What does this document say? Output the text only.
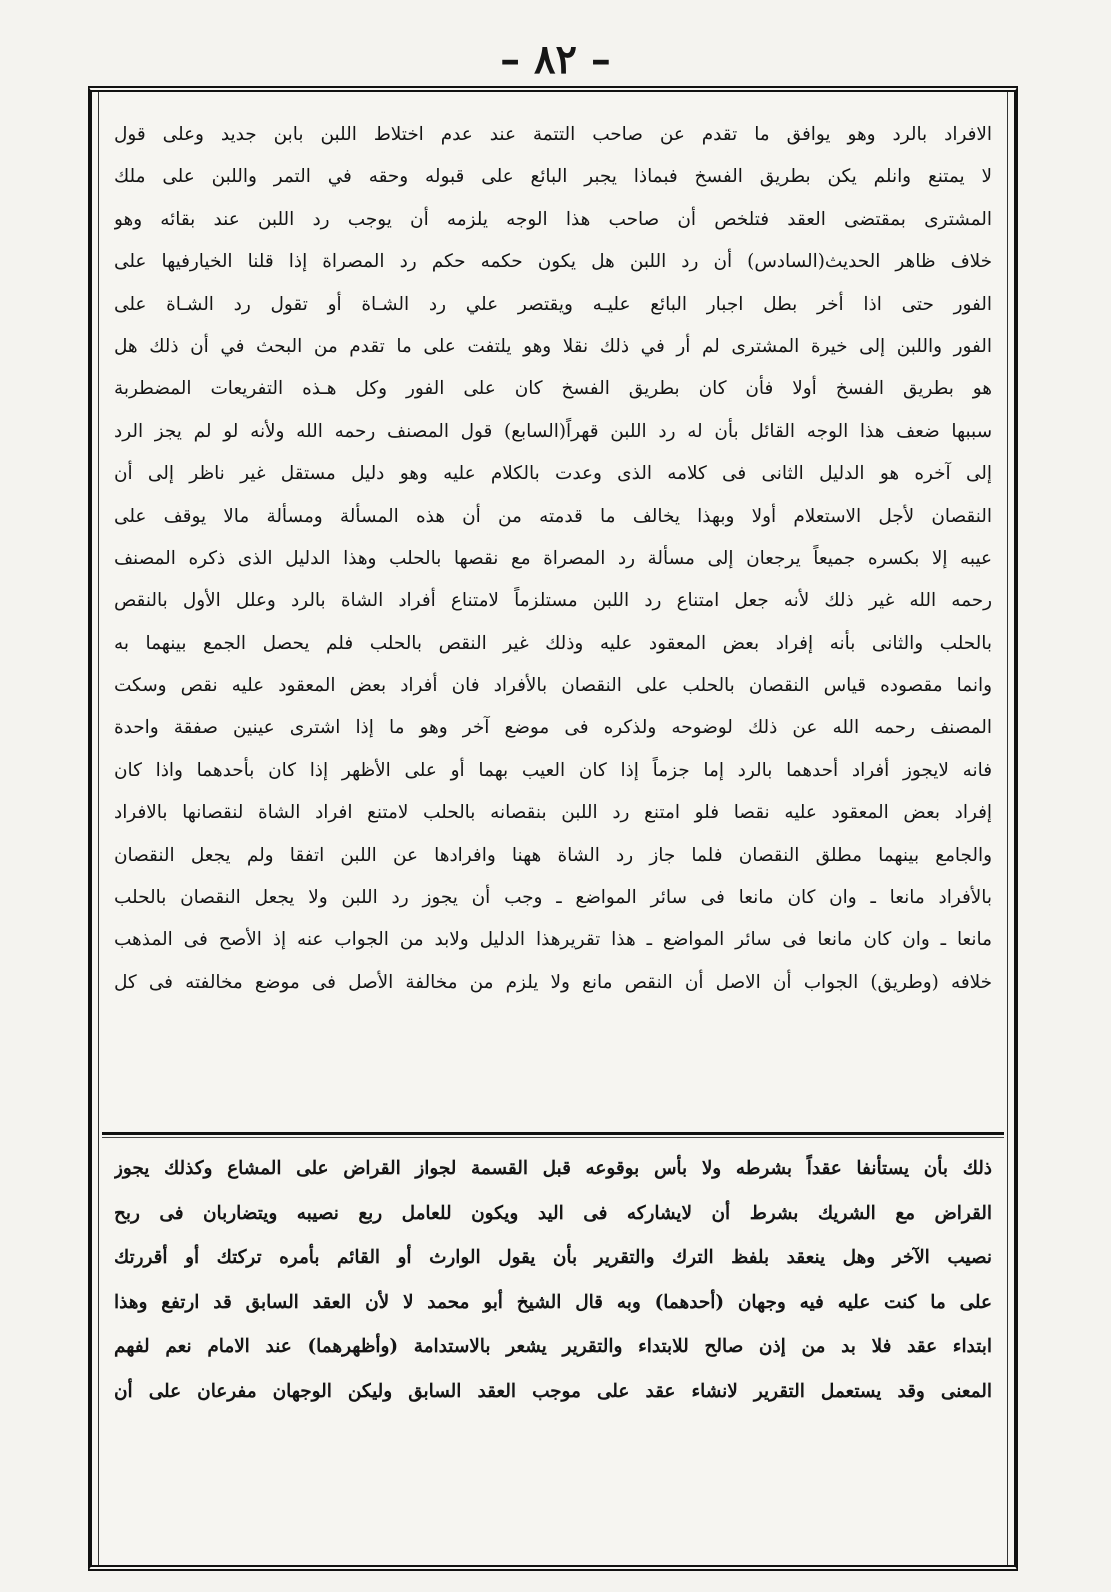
– ٨٢ –
الافراد بالرد وهو يوافق ما تقدم عن صاحب التتمة عند عدم اختلاط اللبن بابن جديد وعلى قول
لا يمتنع وانلم يكن بطريق الفسخ فبماذا يجبر البائع على قبوله وحقه في التمر واللبن على ملك
المشترى بمقتضى العقد فتلخص أن صاحب هذا الوجه يلزمه أن يوجب رد اللبن عند بقائه وهو
خلاف ظاهر الحديث(السادس) أن رد اللبن هل يكون حكمه حكم رد المصراة إذا قلنا الخيارفيها على
الفور حتى اذا أخر بطل اجبار البائع عليـه ويقتصر علي رد الشـاة أو تقول رد الشـاة على
الفور واللبن إلى خيرة المشترى لم أر في ذلك نقلا وهو يلتفت على ما تقدم من البحث في أن ذلك هل
هو بطريق الفسخ أولا فأن كان بطريق الفسخ كان على الفور وكل هـذه التفريعات المضطربة
سببها ضعف هذا الوجه القائل بأن له رد اللبن قهراً(السابع) قول المصنف رحمه الله ولأنه لو لم يجز الرد
إلى آخره هو الدليل الثانى فى كلامه الذى وعدت بالكلام عليه وهو دليل مستقل غير ناظر إلى أن
النقصان لأجل الاستعلام أولا وبهذا يخالف ما قدمته من أن هذه المسألة ومسألة مالا يوقف على
عيبه إلا بكسره جميعاً يرجعان إلى مسألة رد المصراة مع نقصها بالحلب وهذا الدليل الذى ذكره المصنف
رحمه الله غير ذلك لأنه جعل امتناع رد اللبن مستلزماً لامتناع أفراد الشاة بالرد وعلل الأول بالنقص
بالحلب والثانى بأنه إفراد بعض المعقود عليه وذلك غير النقص بالحلب فلم يحصل الجمع بينهما به
وانما مقصوده قياس النقصان بالحلب على النقصان بالأفراد فان أفراد بعض المعقود عليه نقص وسكت
المصنف رحمه الله عن ذلك لوضوحه ولذكره فى موضع آخر وهو ما إذا اشترى عينين صفقة واحدة
فانه لايجوز أفراد أحدهما بالرد إما جزماً إذا كان العيب بهما أو على الأظهر إذا كان بأحدهما واذا كان
إفراد بعض المعقود عليه نقصا فلو امتنع رد اللبن بنقصانه بالحلب لامتنع افراد الشاة لنقصانها بالافراد
والجامع بينهما مطلق النقصان فلما جاز رد الشاة ههنا وافرادها عن اللبن اتفقا ولم يجعل النقصان
بالأفراد مانعا ـ وان كان مانعا فى سائر المواضع ـ وجب أن يجوز رد اللبن ولا يجعل النقصان بالحلب
مانعا ـ وان كان مانعا فى سائر المواضع ـ هذا تقريرهذا الدليل ولابد من الجواب عنه إذ الأصح فى المذهب
خلافه (وطريق) الجواب أن الاصل أن النقص مانع ولا يلزم من مخالفة الأصل فى موضع مخالفته فى كل
ذلك بأن يستأنفا عقداً بشرطه ولا بأس بوقوعه قبل القسمة لجواز القراض على المشاع وكذلك يجوز
القراض مع الشريك بشرط أن لايشاركه فى اليد ويكون للعامل ربع نصيبه ويتضاربان فى ربح
نصيب الآخر وهل ينعقد بلفظ الترك والتقرير بأن يقول الوارث أو القائم بأمره تركتك أو أقررتك
على ما كنت عليه فيه وجهان (أحدهما) وبه قال الشيخ أبو محمد لا لأن العقد السابق قد ارتفع وهذا
ابتداء عقد فلا بد من إذن صالح للابتداء والتقرير يشعر بالاستدامة (وأظهرهما) عند الامام نعم لفهم
المعنى وقد يستعمل التقرير لانشاء عقد على موجب العقد السابق وليكن الوجهان مفرعان على أن
